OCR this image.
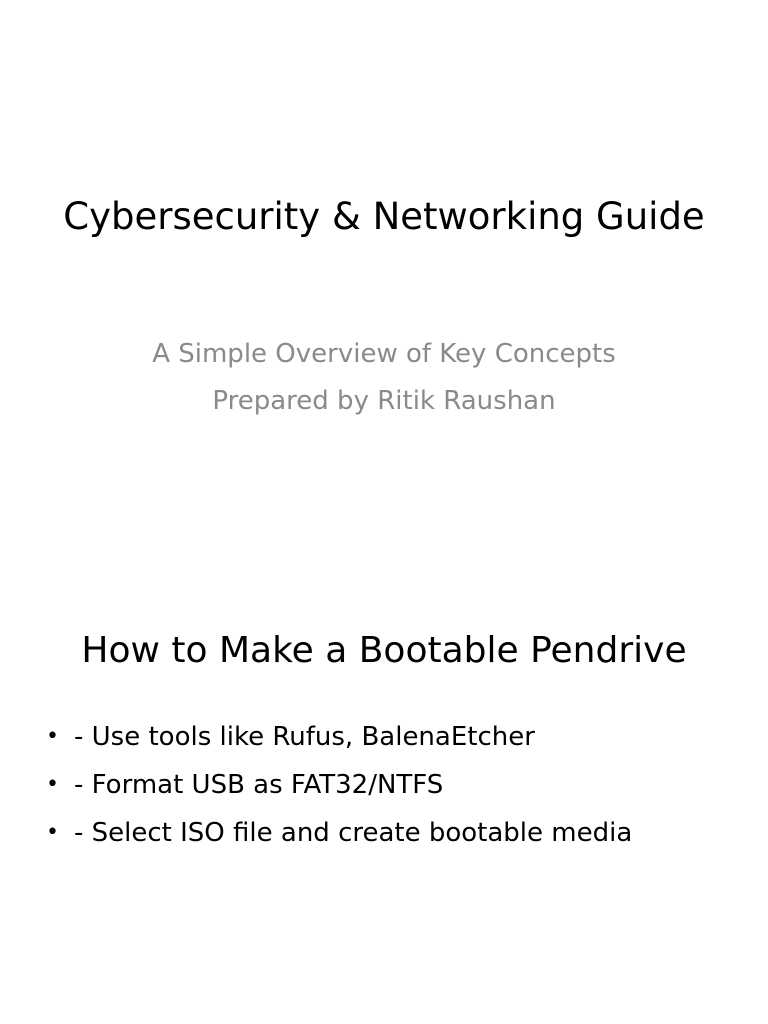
Cybersecurity & Networking Guide

A Simple Overview of Key Concepts
Prepared by Ritik Raushan

How to Make a Bootable Pendrive
• - Use tools like Rufus, BalenaEtcher
• - Format USB as FAT32/NTFS
• - Select ISO file and create bootable media
